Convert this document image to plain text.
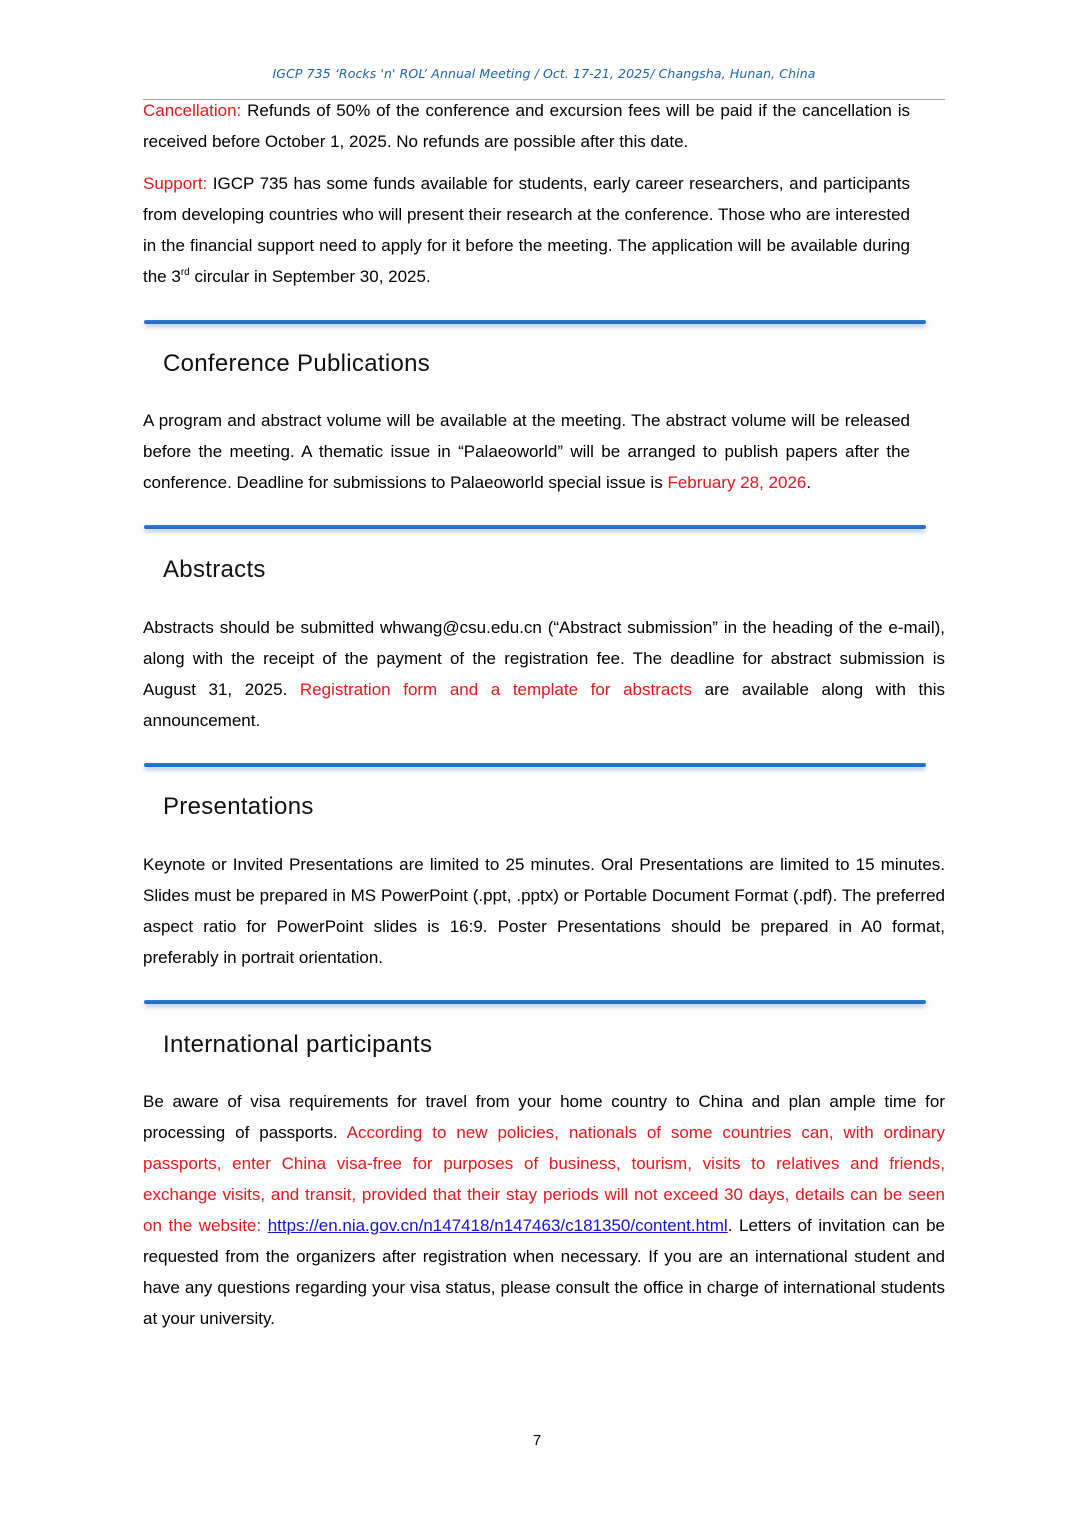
IGCP 735 ‘Rocks 'n' ROL’ Annual Meeting / Oct. 17-21, 2025/ Changsha, Hunan, China

Cancellation: Refunds of 50% of the conference and excursion fees will be paid if the cancellation is received before October 1, 2025. No refunds are possible after this date.

Support: IGCP 735 has some funds available for students, early career researchers, and participants from developing countries who will present their research at the conference. Those who are interested in the financial support need to apply for it before the meeting. The application will be available during the 3rd circular in September 30, 2025.

Conference Publications

A program and abstract volume will be available at the meeting. The abstract volume will be released before the meeting. A thematic issue in “Palaeoworld” will be arranged to publish papers after the conference. Deadline for submissions to Palaeoworld special issue is February 28, 2026.

Abstracts

Abstracts should be submitted whwang@csu.edu.cn (“Abstract submission” in the heading of the e-mail), along with the receipt of the payment of the registration fee. The deadline for abstract submission is August 31, 2025. Registration form and a template for abstracts are available along with this announcement.

Presentations

Keynote or Invited Presentations are limited to 25 minutes. Oral Presentations are limited to 15 minutes. Slides must be prepared in MS PowerPoint (.ppt, .pptx) or Portable Document Format (.pdf). The preferred aspect ratio for PowerPoint slides is 16:9. Poster Presentations should be prepared in A0 format, preferably in portrait orientation.

International participants

Be aware of visa requirements for travel from your home country to China and plan ample time for processing of passports. According to new policies, nationals of some countries can, with ordinary passports, enter China visa-free for purposes of business, tourism, visits to relatives and friends, exchange visits, and transit, provided that their stay periods will not exceed 30 days, details can be seen on the website: https://en.nia.gov.cn/n147418/n147463/c181350/content.html. Letters of invitation can be requested from the organizers after registration when necessary. If you are an international student and have any questions regarding your visa status, please consult the office in charge of international students at your university.

7
